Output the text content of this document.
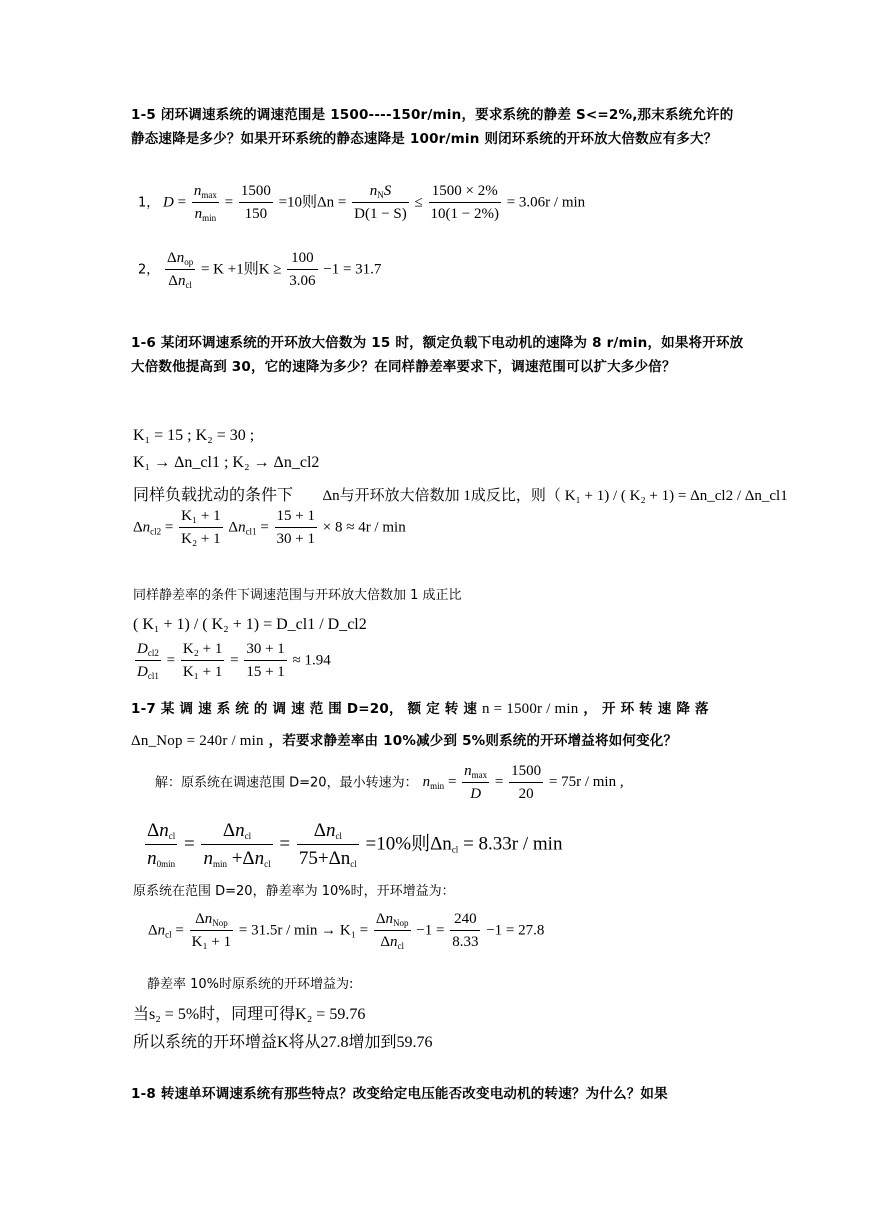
1-5 闭环调速系统的调速范围是 1500----150r/min，要求系统的静差 S<=2%,那末系统允许的静态速降是多少？如果开环系统的静态速降是 100r/min 则闭环系统的开环放大倍数应有多大？
1， $D = \frac{n_{max}}{n_{min}} = \frac{1500}{150} =10$则$\Delta n = \frac{n_NS}{D(1 - S)} \le \frac{1500 \times 2\%}{10(1 - 2\%)} = 3.06r / \min$
2， $\frac{\Delta n_{op}}{\Delta n_{cl}} = K +1$则$K \ge \frac{100}{3.06} -1 = 31.7$
1-6 某闭环调速系统的开环放大倍数为 15 时，额定负载下电动机的速降为 8 r/min，如果将开环放大倍数他提高到 30，它的速降为多少？在同样静差率要求下，调速范围可以扩大多少倍？
K₁ = 15 ; K₂ = 30 ;
K₁ → Δn_cl1 ; K₂ → Δn_cl2
同样负载扰动的条件下 Δn与开环放大倍数加 1成反比，则（ K₁ + 1) / ( K₂ + 1) = Δn_cl2 / Δn_cl1
$\Delta n_{cl2} = \frac{\text{K₁ + 1}}{\text{K₂ + 1}} \Delta n_{cl1} = \frac{15 + 1}{30 + 1} \times 8 \approx 4r / \min$
同样静差率的条件下调速范围与开环放大倍数加 1 成正比
( K₁ + 1) / ( K₂ + 1) = D_cl1 / D_cl2
$\frac{D_{cl2}}{D_{cl1}} = \frac{\text{K₂ + 1}}{\text{K₁ + 1}} = \frac{30 + 1}{15 + 1} \approx 1.94$
1-7 某 调 速 系 统 的 调 速 范 围 D=20， 额 定 转 速 n = 1500r / min ， 开 环 转 速 降 落
Δn_Nop = 240r / min ，若要求静差率由 10%减少到 5%则系统的开环增益将如何变化？
解：原系统在调速范围 D=20，最小转速为： $n_{min} = \frac{n_{max}}{D} = \frac{1500}{20} = 75r / \min$ ,
$\frac{\Delta n_{cl}}{n_{0min}} = \frac{\Delta n_{cl}}{n_{min} +\Delta n_{cl}} = \frac{\Delta n_{cl}}{75+\Delta n_{cl}} =10\%$则$\Delta n_{cl} = 8.33r / \min$
原系统在范围 D=20，静差率为 10%时，开环增益为：
$\Delta n_{cl} = \frac{\Delta n_{Nop}}{\text{K₁ + 1}} = 31.5r / \min \to K_1 = \frac{\Delta n_{Nop}}{\Delta n_{cl}} -1 = \frac{240}{8.33} -1 = 27.8$
静差率 10%时原系统的开环增益为:
当s₂ = 5%时，同理可得K₂ = 59.76
所以系统的开环增益K将从27.8增加到59.76
1-8 转速单环调速系统有那些特点？改变给定电压能否改变电动机的转速？为什么？如果
